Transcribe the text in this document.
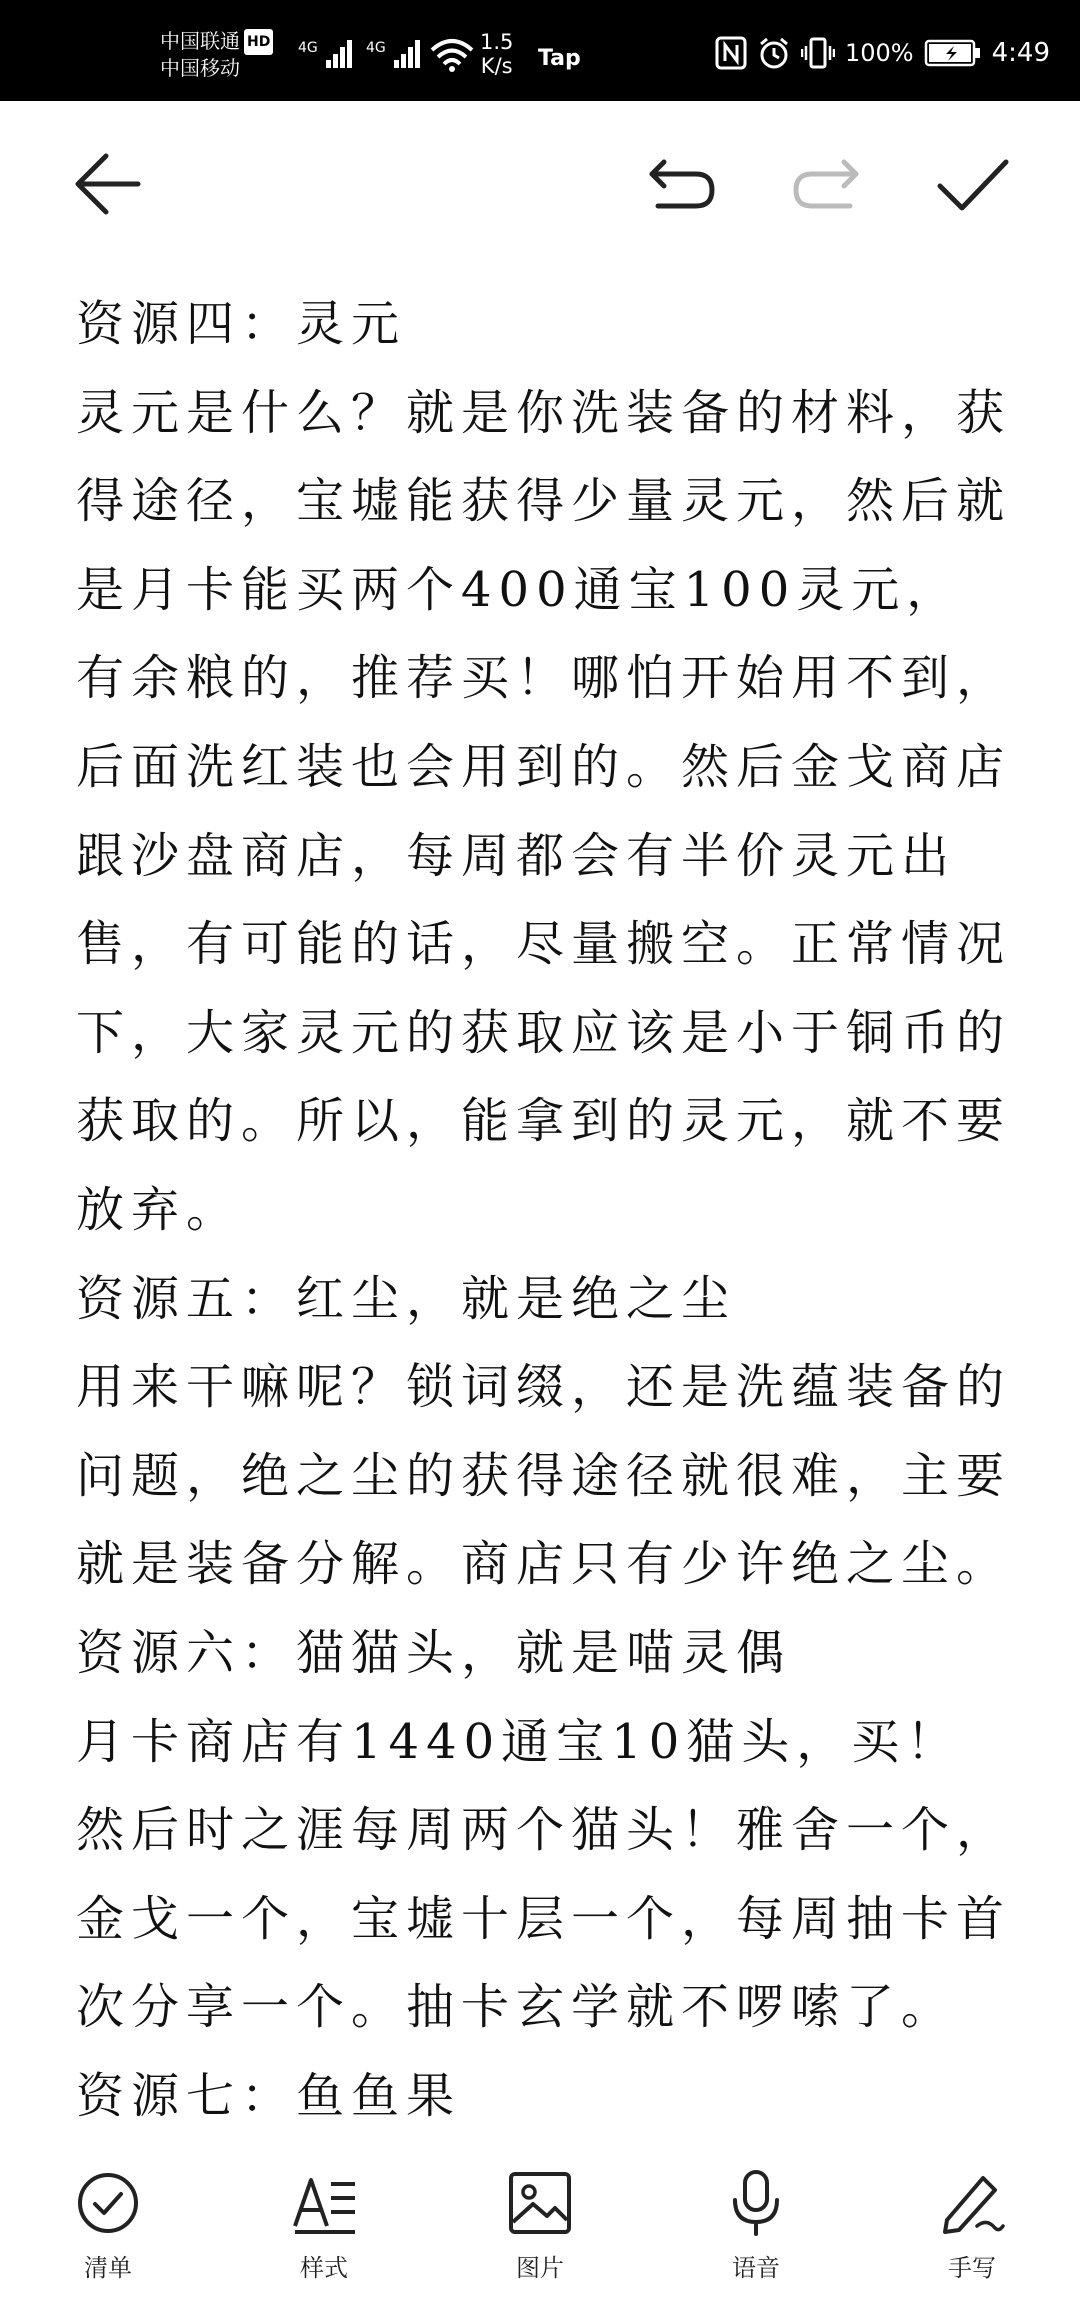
中国联通 HD
中国移动
4G	4G	1.5
K/s Tap	100%	4:49

资源四：灵元

灵元是什么？就是你洗装备的材料，获得途径，宝墟能获得少量灵元，然后就是月卡能买两个400通宝100灵元，有余粮的，推荐买！哪怕开始用不到，后面洗红装也会用到的。然后金戈商店跟沙盘商店，每周都会有半价灵元出售，有可能的话，尽量搬空。正常情况下，大家灵元的获取应该是小于铜币的获取的。所以，能拿到的灵元，就不要放弃。

资源五：红尘，就是绝之尘

用来干嘛呢？锁词缀，还是洗蕴装备的问题，绝之尘的获得途径就很难，主要就是装备分解。商店只有少许绝之尘。

资源六：猫猫头，就是喵灵偶

月卡商店有1440通宝10猫头，买！然后时之涯每周两个猫头！雅舍一个，金戈一个，宝墟十层一个，每周抽卡首次分享一个。抽卡玄学就不啰嗦了。

资源七：鱼鱼果

清单	样式	图片	语音	手写
